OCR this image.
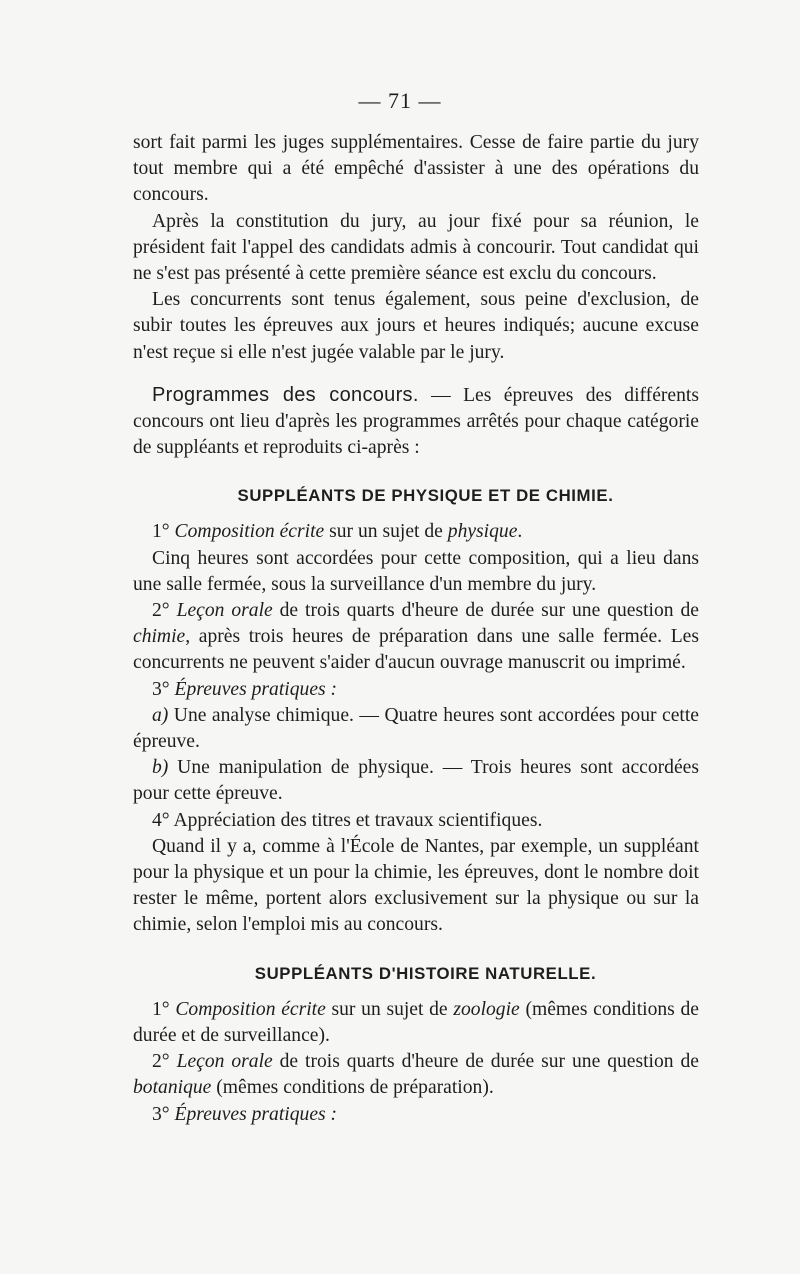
— 71 —

sort fait parmi les juges supplémentaires. Cesse de faire partie du jury tout membre qui a été empêché d'assister à une des opérations du concours.

Après la constitution du jury, au jour fixé pour sa réunion, le président fait l'appel des candidats admis à concourir. Tout candidat qui ne s'est pas présenté à cette première séance est exclu du concours.

Les concurrents sont tenus également, sous peine d'exclusion, de subir toutes les épreuves aux jours et heures indiqués; aucune excuse n'est reçue si elle n'est jugée valable par le jury.

Programmes des concours. — Les épreuves des différents concours ont lieu d'après les programmes arrêtés pour chaque catégorie de suppléants et reproduits ci-après :

SUPPLÉANTS DE PHYSIQUE ET DE CHIMIE.

1° Composition écrite sur un sujet de physique.

Cinq heures sont accordées pour cette composition, qui a lieu dans une salle fermée, sous la surveillance d'un membre du jury.

2° Leçon orale de trois quarts d'heure de durée sur une question de chimie, après trois heures de préparation dans une salle fermée. Les concurrents ne peuvent s'aider d'aucun ouvrage manuscrit ou imprimé.

3° Épreuves pratiques :

a) Une analyse chimique. — Quatre heures sont accordées pour cette épreuve.

b) Une manipulation de physique. — Trois heures sont accordées pour cette épreuve.

4° Appréciation des titres et travaux scientifiques.

Quand il y a, comme à l'École de Nantes, par exemple, un suppléant pour la physique et un pour la chimie, les épreuves, dont le nombre doit rester le même, portent alors exclusivement sur la physique ou sur la chimie, selon l'emploi mis au concours.

SUPPLÉANTS D'HISTOIRE NATURELLE.

1° Composition écrite sur un sujet de zoologie (mêmes conditions de durée et de surveillance).

2° Leçon orale de trois quarts d'heure de durée sur une question de botanique (mêmes conditions de préparation).

3° Épreuves pratiques :
